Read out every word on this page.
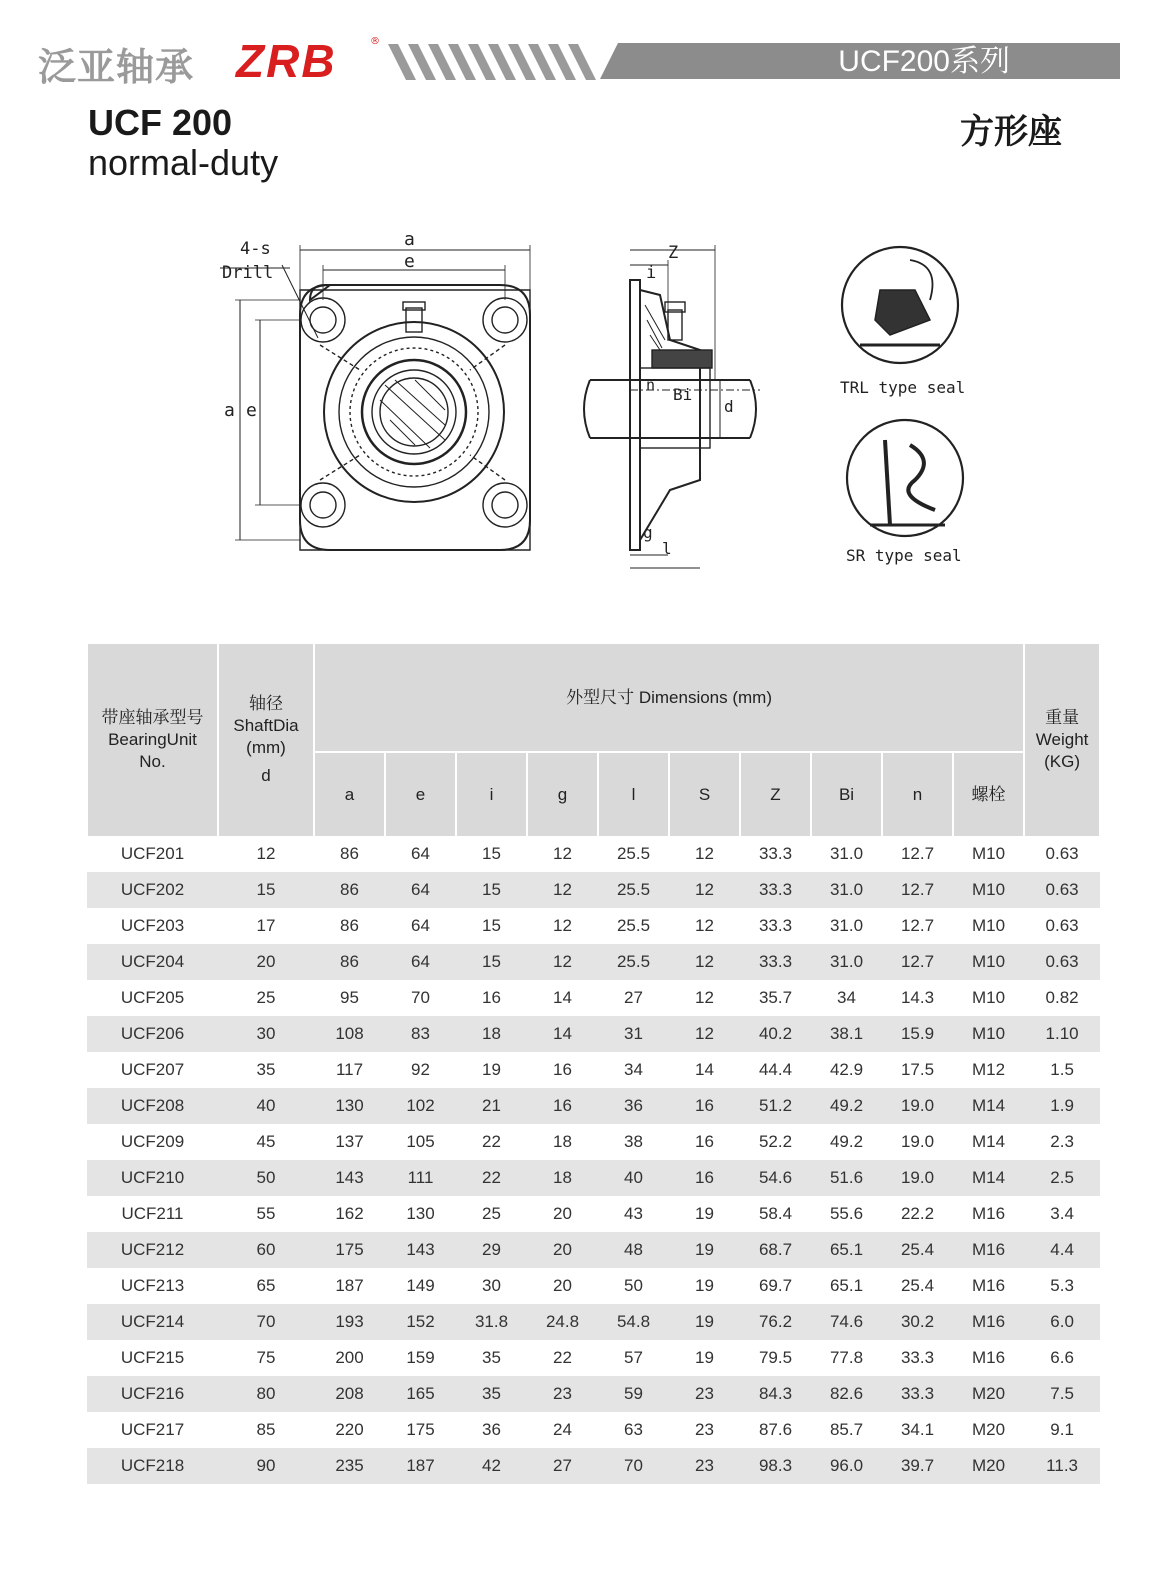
泛亚轴承 ZRB	®
UCF200系列
UCF 200
normal-duty
方形座
a
e
a e
4-s
Drill
Z
i
n Bi
d
g
l
TRL type seal
SR type seal
带座轴承型号
BearingUnit
No.	轴径
ShaftDia
(mm)
d	外型尺寸 Dimensions (mm)										重量
Weight
(KG)

		a	e	i	g	l	S	Z	Bi	n	螺栓	
UCF201	12	86	64	15	12	25.5	12	33.3	31.0	12.7	M10	0.63
UCF202	15	86	64	15	12	25.5	12	33.3	31.0	12.7	M10	0.63
UCF203	17	86	64	15	12	25.5	12	33.3	31.0	12.7	M10	0.63
UCF204	20	86	64	15	12	25.5	12	33.3	31.0	12.7	M10	0.63
UCF205	25	95	70	16	14	27	12	35.7	34	14.3	M10	0.82
UCF206	30	108	83	18	14	31	12	40.2	38.1	15.9	M10	1.10
UCF207	35	117	92	19	16	34	14	44.4	42.9	17.5	M12	1.5
UCF208	40	130	102	21	16	36	16	51.2	49.2	19.0	M14	1.9
UCF209	45	137	105	22	18	38	16	52.2	49.2	19.0	M14	2.3
UCF210	50	143	111	22	18	40	16	54.6	51.6	19.0	M14	2.5
UCF211	55	162	130	25	20	43	19	58.4	55.6	22.2	M16	3.4
UCF212	60	175	143	29	20	48	19	68.7	65.1	25.4	M16	4.4
UCF213	65	187	149	30	20	50	19	69.7	65.1	25.4	M16	5.3
UCF214	70	193	152	31.8	24.8	54.8	19	76.2	74.6	30.2	M16	6.0
UCF215	75	200	159	35	22	57	19	79.5	77.8	33.3	M16	6.6
UCF216	80	208	165	35	23	59	23	84.3	82.6	33.3	M20	7.5
UCF217	85	220	175	36	24	63	23	87.6	85.7	34.1	M20	9.1
UCF218	90	235	187	42	27	70	23	98.3	96.0	39.7	M20	11.3
